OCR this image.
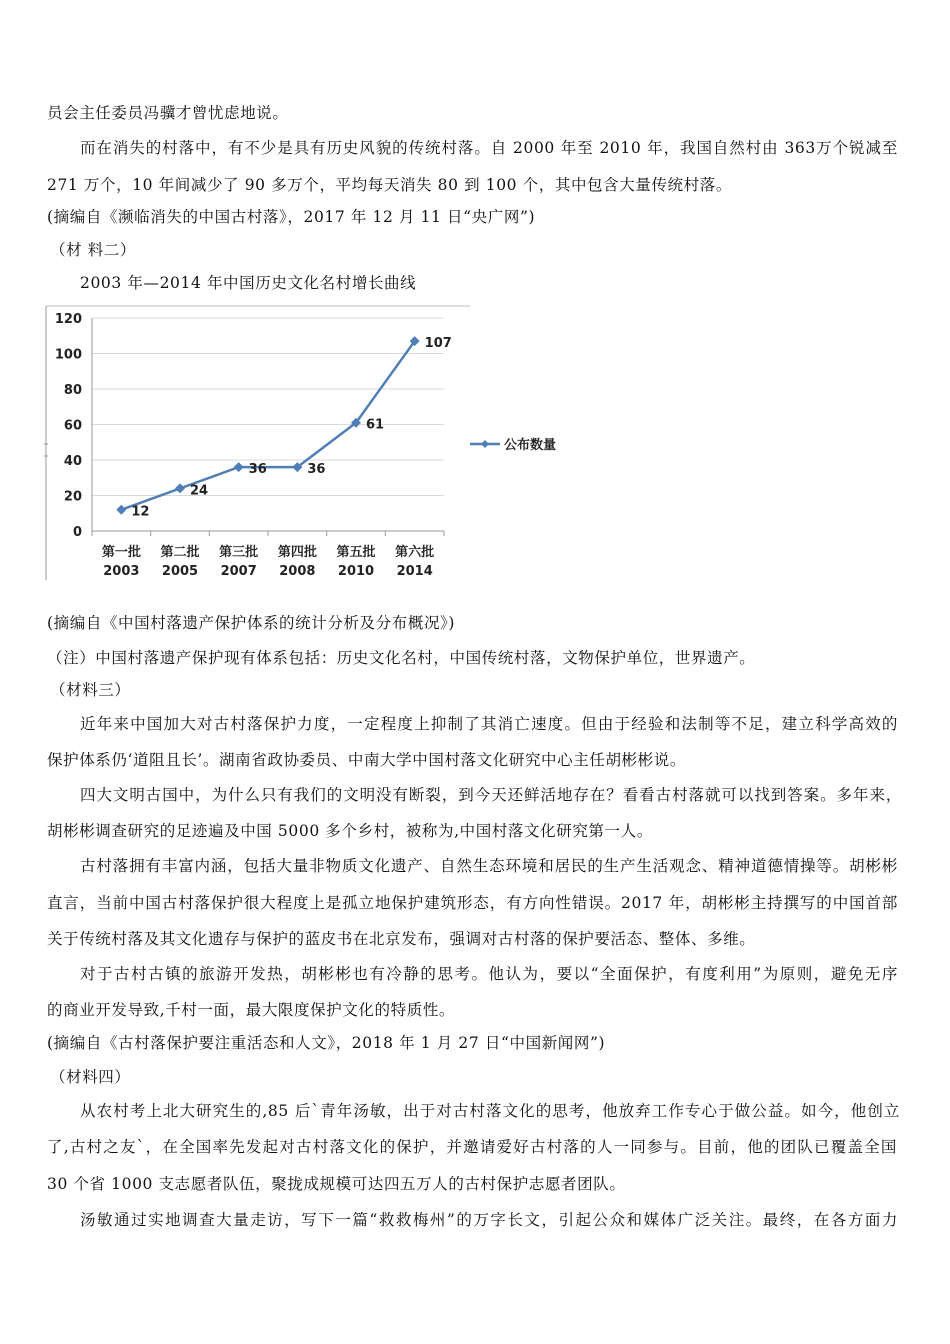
员会主任委员冯骥才曾忧虑地说。
而在消失的村落中，有不少是具有历史风貌的传统村落。自 2000 年至 2010 年，我国自然村由 363万个锐减至
271 万个，10 年间减少了 90 多万个，平均每天消失 80 到 100 个，其中包含大量传统村落。
(摘编自《濒临消失的中国古村落》，2017 年 12 月 11 日“央广网”)
（材 料二）
2003 年—2014 年中国历史文化名村增长曲线
0
20
40
60
80
100
120
第一批
2003
第二批
2005
第三批
2007
第四批
2008
第五批
2010
第六批
2014
12
24
36	36
61
107
公布数量
(摘编自《中国村落遗产保护体系的统计分析及分布概况》)
（注）中国村落遗产保护现有体系包括：历史文化名村，中国传统村落，文物保护单位，世界遗产。
（材料三）
近年来中国加大对古村落保护力度，一定程度上抑制了其消亡速度。但由于经验和法制等不足，建立科学高效的
保护体系仍‘道阻且长’。湖南省政协委员、中南大学中国村落文化研究中心主任胡彬彬说。
四大文明古国中，为什么只有我们的文明没有断裂，到今天还鲜活地存在？看看古村落就可以找到答案。多年来，
胡彬彬调查研究的足迹遍及中国 5000 多个乡村，被称为,中国村落文化研究第一人。
古村落拥有丰富内涵，包括大量非物质文化遗产、自然生态环境和居民的生产生活观念、精神道德情操等。胡彬彬
直言，当前中国古村落保护很大程度上是孤立地保护建筑形态，有方向性错误。2017 年，胡彬彬主持撰写的中国首部
关于传统村落及其文化遗存与保护的蓝皮书在北京发布，强调对古村落的保护要活态、整体、多维。
对于古村古镇的旅游开发热，胡彬彬也有冷静的思考。他认为，要以“全面保护，有度利用”为原则，避免无序
的商业开发导致,千村一面，最大限度保护文化的特质性。
(摘编自《古村落保护要注重活态和人文》，2018 年 1 月 27 日“中国新闻网”)
（材料四）
从农村考上北大研究生的,85 后`青年汤敏，出于对古村落文化的思考，他放弃工作专心于做公益。如今，他创立
了,古村之友`，在全国率先发起对古村落文化的保护，并邀请爱好古村落的人一同参与。目前，他的团队已覆盖全国
30 个省 1000 支志愿者队伍，聚拢成规模可达四五万人的古村保护志愿者团队。
汤敏通过实地调查大量走访，写下一篇“救救梅州”的万字长文，引起公众和媒体广泛关注。最终，在各方面力
